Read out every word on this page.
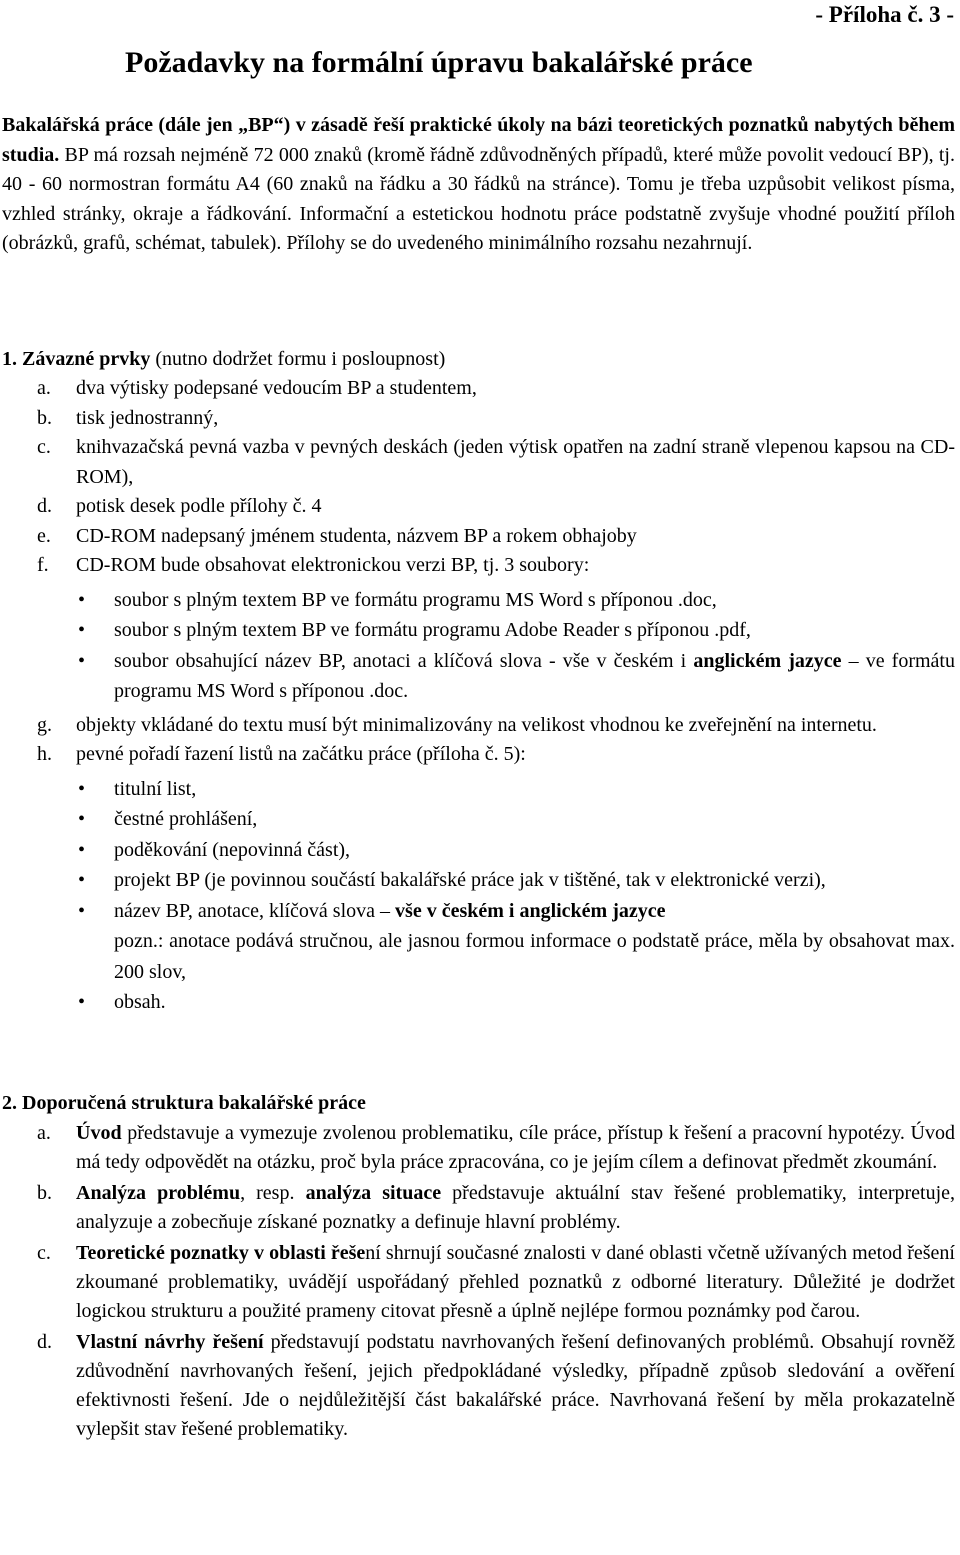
- Příloha č. 3 -
Požadavky na formální úpravu bakalářské práce

Bakalářská práce (dále jen „BP“) v zásadě řeší praktické úkoly na bázi teoretických poznatků nabytých během studia. BP má rozsah nejméně 72 000 znaků (kromě řádně zdůvodněných případů, které může povolit vedoucí BP), tj. 40 - 60 normostran formátu A4 (60 znaků na řádku a 30 řádků na stránce). Tomu je třeba uzpůsobit velikost písma, vzhled stránky, okraje a řádkování. Informační a estetickou hodnotu práce podstatně zvyšuje vhodné použití příloh (obrázků, grafů, schémat, tabulek). Přílohy se do uvedeného minimálního rozsahu nezahrnují.

1. Závazné prvky (nutno dodržet formu i posloupnost)

a. dva výtisky podepsané vedoucím BP a studentem,
b. tisk jednostranný,
c. knihvazačská pevná vazba v pevných deskách (jeden výtisk opatřen na zadní straně vlepenou kapsou na CD-ROM),
d. potisk desek podle přílohy č. 4
e. CD-ROM nadepsaný jménem studenta, názvem BP a rokem obhajoby
f. CD-ROM bude obsahovat elektronickou verzi BP, tj. 3 soubory:
• soubor s plným textem BP ve formátu programu MS Word s příponou .doc,
• soubor s plným textem BP ve formátu programu Adobe Reader s příponou .pdf,
• soubor obsahující název BP, anotaci a klíčová slova - vše v českém i anglickém jazyce – ve formátu programu MS Word s příponou .doc.
g. objekty vkládané do textu musí být minimalizovány na velikost vhodnou ke zveřejnění na internetu.
h. pevné pořadí řazení listů na začátku práce (příloha č. 5):
• titulní list,
• čestné prohlášení,
• poděkování (nepovinná část),
• projekt BP (je povinnou součástí bakalářské práce jak v tištěné, tak v elektronické verzi),
• název BP, anotace, klíčová slova – vše v českém i anglickém jazyce
pozn.: anotace podává stručnou, ale jasnou formou informace o podstatě práce, měla by obsahovat max. 200 slov,
• obsah.

2. Doporučená struktura bakalářské práce

a. Úvod představuje a vymezuje zvolenou problematiku, cíle práce, přístup k řešení a pracovní hypotézy. Úvod má tedy odpovědět na otázku, proč byla práce zpracována, co je jejím cílem a definovat předmět zkoumání.
b. Analýza problému, resp. analýza situace představuje aktuální stav řešené problematiky, interpretuje, analyzuje a zobecňuje získané poznatky a definuje hlavní problémy.
c. Teoretické poznatky v oblasti řešení shrnují současné znalosti v dané oblasti včetně užívaných metod řešení zkoumané problematiky, uvádějí uspořádaný přehled poznatků z odborné literatury. Důležité je dodržet logickou strukturu a použité prameny citovat přesně a úplně nejlépe formou poznámky pod čarou.
d. Vlastní návrhy řešení představují podstatu navrhovaných řešení definovaných problémů. Obsahují rovněž zdůvodnění navrhovaných řešení, jejich předpokládané výsledky, případně způsob sledování a ověření efektivnosti řešení. Jde o nejdůležitější část bakalářské práce. Navrhovaná řešení by měla prokazatelně vylepšit stav řešené problematiky.
